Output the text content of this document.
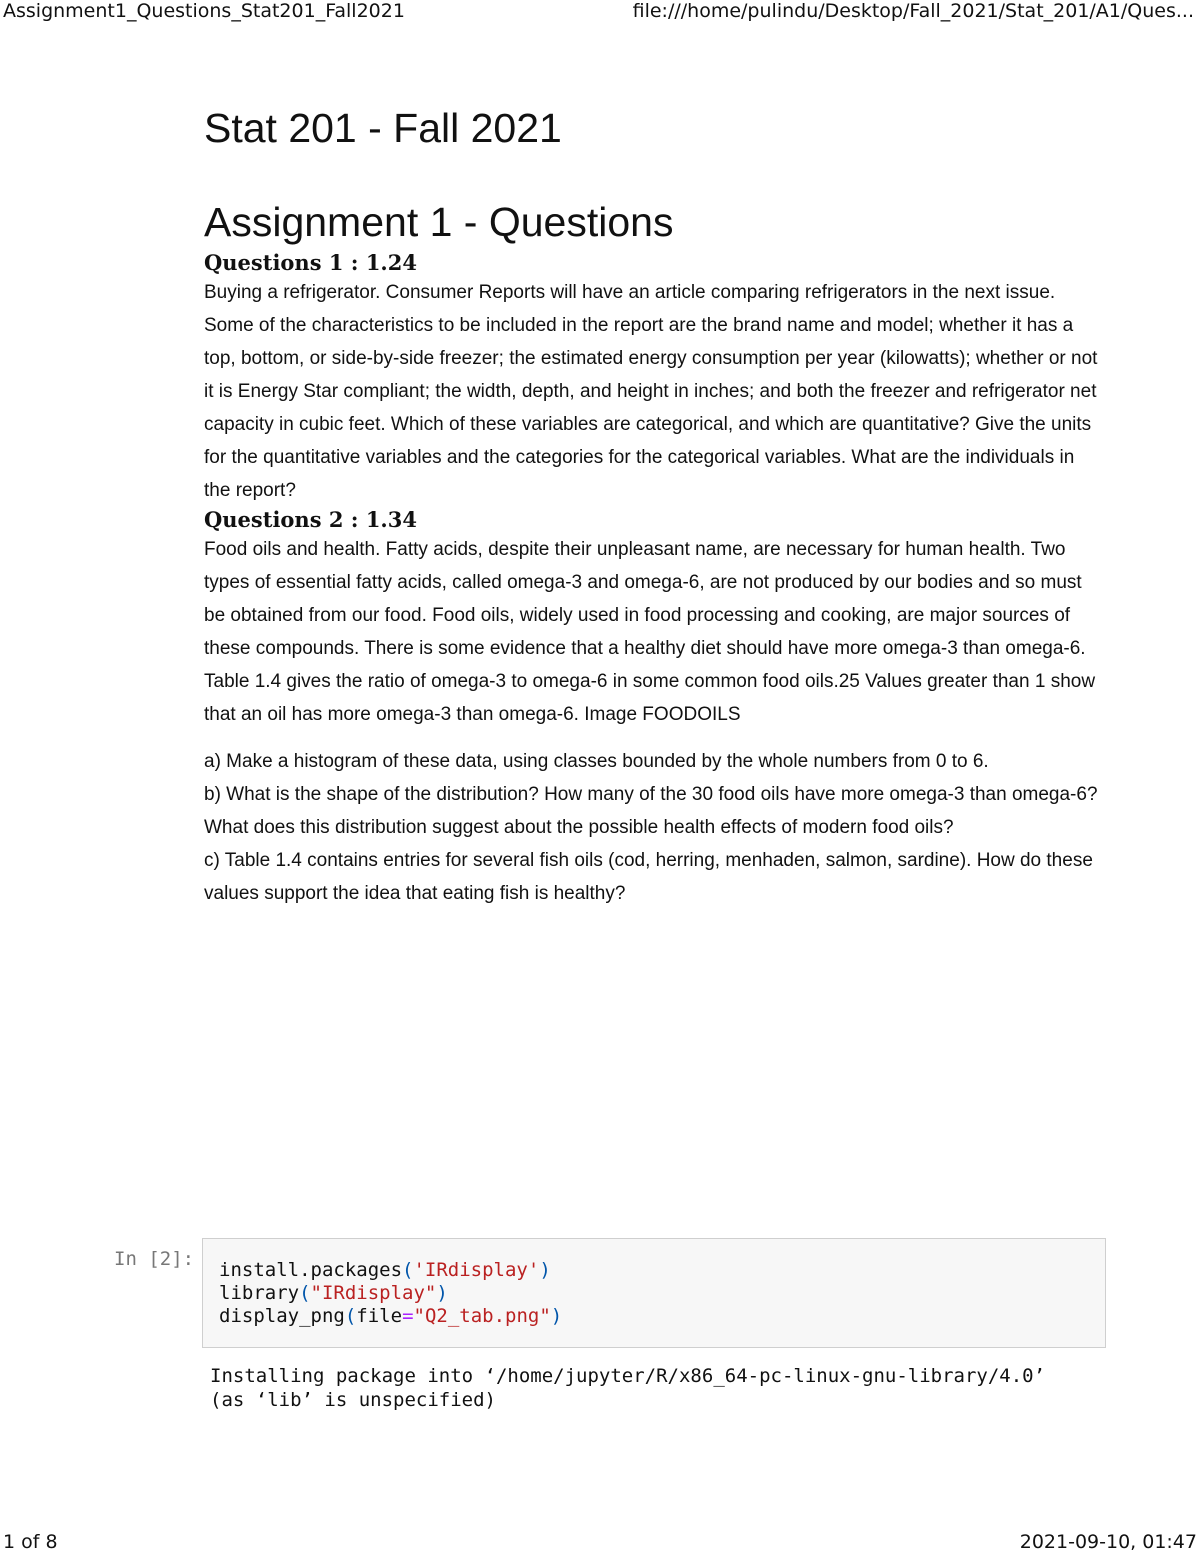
Assignment1_Questions_Stat201_Fall2021	file:///home/pulindu/Desktop/Fall_2021/Stat_201/A1/Ques...
Stat 201 - Fall 2021
Assignment 1 - Questions
Questions 1 : 1.24

Buying a refrigerator. Consumer Reports will have an article comparing refrigerators in the next issue. Some of the characteristics to be included in the report are the brand name and model; whether it has a top, bottom, or side-by-side freezer; the estimated energy consumption per year (kilowatts); whether or not it is Energy Star compliant; the width, depth, and height in inches; and both the freezer and refrigerator net capacity in cubic feet. Which of these variables are categorical, and which are quantitative? Give the units for the quantitative variables and the categories for the categorical variables. What are the individuals in the report?

Questions 2 : 1.34

Food oils and health. Fatty acids, despite their unpleasant name, are necessary for human health. Two types of essential fatty acids, called omega-3 and omega-6, are not produced by our bodies and so must be obtained from our food. Food oils, widely used in food processing and cooking, are major sources of these compounds. There is some evidence that a healthy diet should have more omega-3 than omega-6. Table 1.4 gives the ratio of omega-3 to omega-6 in some common food oils.25 Values greater than 1 show that an oil has more omega-3 than omega-6. Image FOODOILS

a) Make a histogram of these data, using classes bounded by the whole numbers from 0 to 6.

b) What is the shape of the distribution? How many of the 30 food oils have more omega-3 than omega-6? What does this distribution suggest about the possible health effects of modern food oils?

c) Table 1.4 contains entries for several fish oils (cod, herring, menhaden, salmon, sardine). How do these values support the idea that eating fish is healthy?

In [2]: install.packages('IRdisplay')
library("IRdisplay")
display_png(file="Q2_tab.png")
Installing package into ‘/home/jupyter/R/x86_64-pc-linux-gnu-library/4.0’
(as ‘lib’ is unspecified)
1 of 8	2021-09-10, 01:47
